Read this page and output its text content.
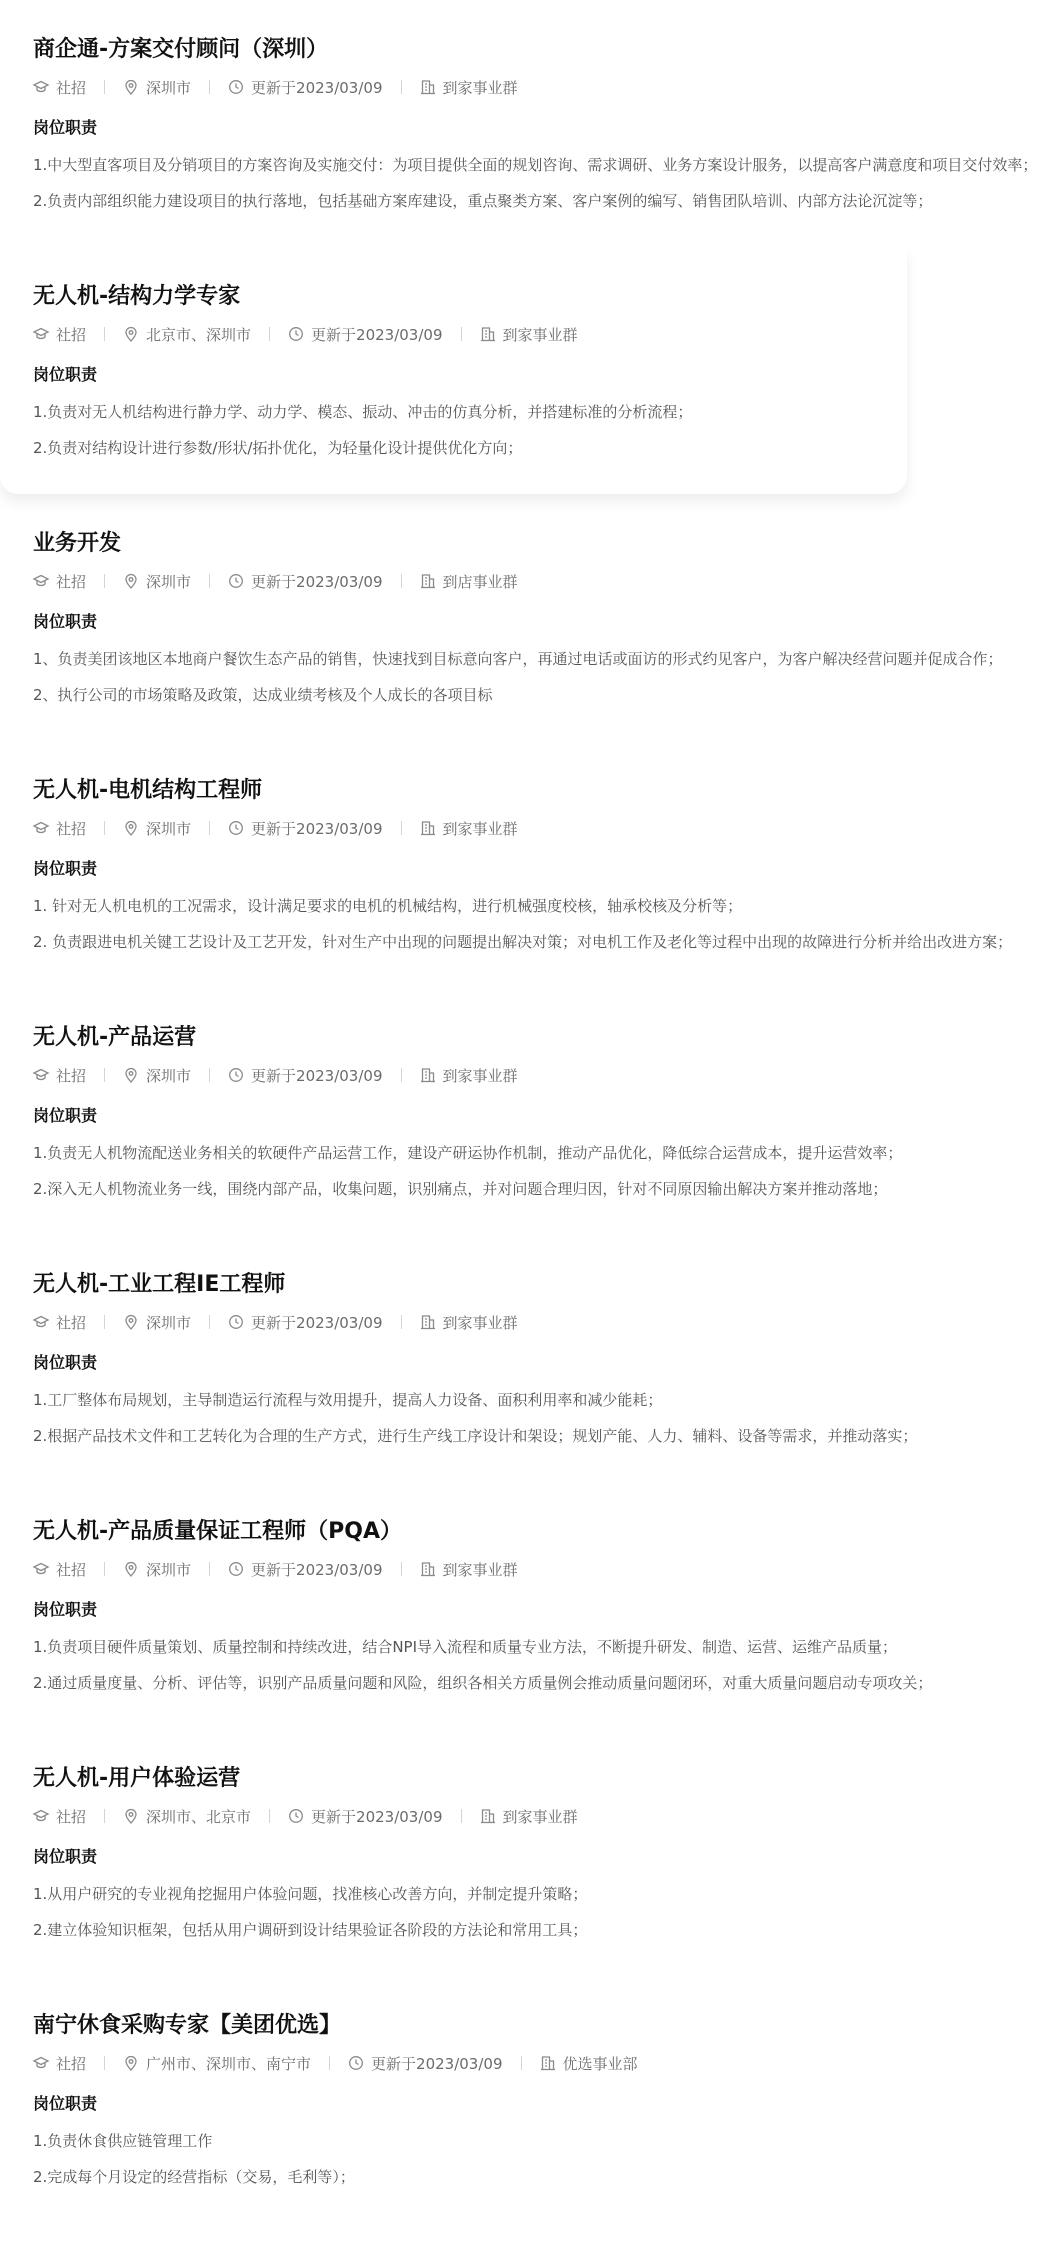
商企通-方案交付顾问（深圳）
社招	深圳市	更新于2023/03/09	到家事业群
岗位职责
1.中大型直客项目及分销项目的方案咨询及实施交付：为项目提供全面的规划咨询、需求调研、业务方案设计服务，以提高客户满意度和项目交付效率；
2.负责内部组织能力建设项目的执行落地，包括基础方案库建设，重点聚类方案、客户案例的编写、销售团队培训、内部方法论沉淀等；
无人机-结构力学专家
社招	北京市、深圳市	更新于2023/03/09	到家事业群
岗位职责
1.负责对无人机结构进行静力学、动力学、模态、振动、冲击的仿真分析，并搭建标准的分析流程；
2.负责对结构设计进行参数/形状/拓扑优化，为轻量化设计提供优化方向；
业务开发
社招	深圳市	更新于2023/03/09	到店事业群
岗位职责
1、负责美团该地区本地商户餐饮生态产品的销售，快速找到目标意向客户，再通过电话或面访的形式约见客户，为客户解决经营问题并促成合作；
2、执行公司的市场策略及政策，达成业绩考核及个人成长的各项目标
无人机-电机结构工程师
社招	深圳市	更新于2023/03/09	到家事业群
岗位职责
1. 针对无人机电机的工况需求，设计满足要求的电机的机械结构，进行机械强度校核，轴承校核及分析等；
2. 负责跟进电机关键工艺设计及工艺开发，针对生产中出现的问题提出解决对策；对电机工作及老化等过程中出现的故障进行分析并给出改进方案；
无人机-产品运营
社招	深圳市	更新于2023/03/09	到家事业群
岗位职责
1.负责无人机物流配送业务相关的软硬件产品运营工作，建设产研运协作机制，推动产品优化，降低综合运营成本，提升运营效率；
2.深入无人机物流业务一线，围绕内部产品，收集问题，识别痛点，并对问题合理归因，针对不同原因输出解决方案并推动落地；
无人机-工业工程IE工程师
社招	深圳市	更新于2023/03/09	到家事业群
岗位职责
1.工厂整体布局规划，主导制造运行流程与效用提升，提高人力设备、面积利用率和减少能耗；
2.根据产品技术文件和工艺转化为合理的生产方式，进行生产线工序设计和架设；规划产能、人力、辅料、设备等需求，并推动落实；
无人机-产品质量保证工程师（PQA）
社招	深圳市	更新于2023/03/09	到家事业群
岗位职责
1.负责项目硬件质量策划、质量控制和持续改进，结合NPI导入流程和质量专业方法，不断提升研发、制造、运营、运维产品质量；
2.通过质量度量、分析、评估等，识别产品质量问题和风险，组织各相关方质量例会推动质量问题闭环，对重大质量问题启动专项攻关；
无人机-用户体验运营
社招	深圳市、北京市	更新于2023/03/09	到家事业群
岗位职责
1.从用户研究的专业视角挖掘用户体验问题，找准核心改善方向，并制定提升策略；
2.建立体验知识框架，包括从用户调研到设计结果验证各阶段的方法论和常用工具；
南宁休食采购专家【美团优选】
社招	广州市、深圳市、南宁市	更新于2023/03/09	优选事业部
岗位职责
1.负责休食供应链管理工作
2.完成每个月设定的经营指标（交易，毛利等）；
